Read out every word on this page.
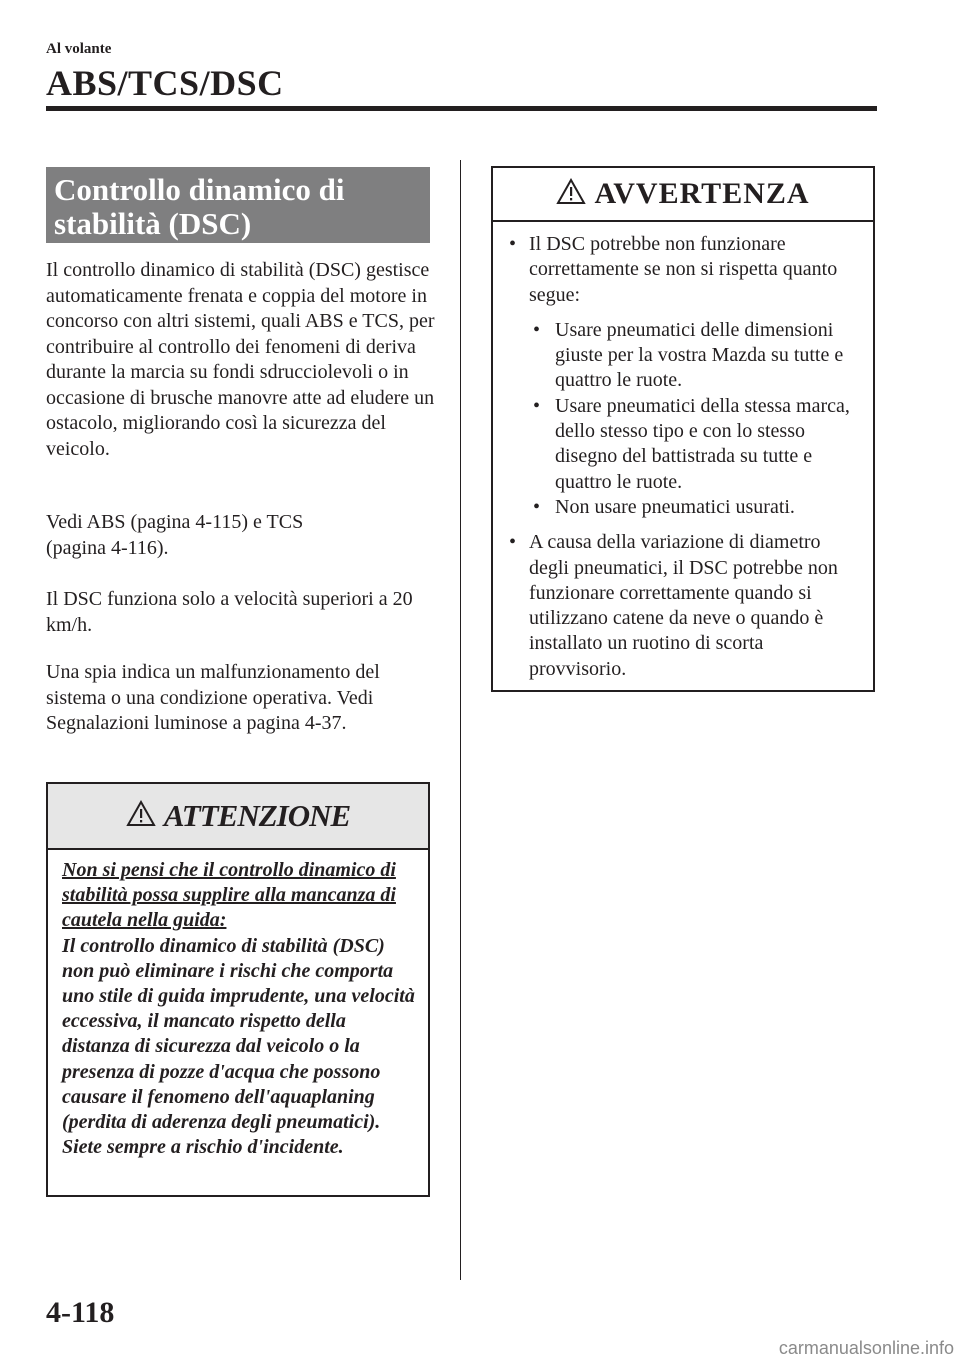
Al volante
ABS/TCS/DSC
Controllo dinamico di
stabilità (DSC)

Il controllo dinamico di stabilità (DSC) gestisce automaticamente frenata e coppia del motore in concorso con altri sistemi, quali ABS e TCS, per contribuire al controllo dei fenomeni di deriva durante la marcia su fondi sdrucciolevoli o in occasione di brusche manovre atte ad eludere un ostacolo, migliorando così la sicurezza del veicolo.

Vedi ABS (pagina 4-115) e TCS (pagina 4-116).

Il DSC funziona solo a velocità superiori a 20 km/h.

Una spia indica un malfunzionamento del sistema o una condizione operativa. Vedi Segnalazioni luminose a pagina 4-37.

ATTENZIONE
Non si pensi che il controllo dinamico di stabilità possa supplire alla mancanza di cautela nella guida:
Il controllo dinamico di stabilità (DSC) non può eliminare i rischi che comporta uno stile di guida imprudente, una velocità eccessiva, il mancato rispetto della distanza di sicurezza dal veicolo o la presenza di pozze d'acqua che possono causare il fenomeno dell'aquaplaning (perdita di aderenza degli pneumatici). Siete sempre a rischio d'incidente.
AVVERTENZA
• Il DSC potrebbe non funzionare correttamente se non si rispetta quanto segue:
• Usare pneumatici delle dimensioni giuste per la vostra Mazda su tutte e quattro le ruote.
• Usare pneumatici della stessa marca, dello stesso tipo e con lo stesso disegno del battistrada su tutte e quattro le ruote.
• Non usare pneumatici usurati.
• A causa della variazione di diametro degli pneumatici, il DSC potrebbe non funzionare correttamente quando si utilizzano catene da neve o quando è installato un ruotino di scorta provvisorio.
4-118
carmanualsonline.info
